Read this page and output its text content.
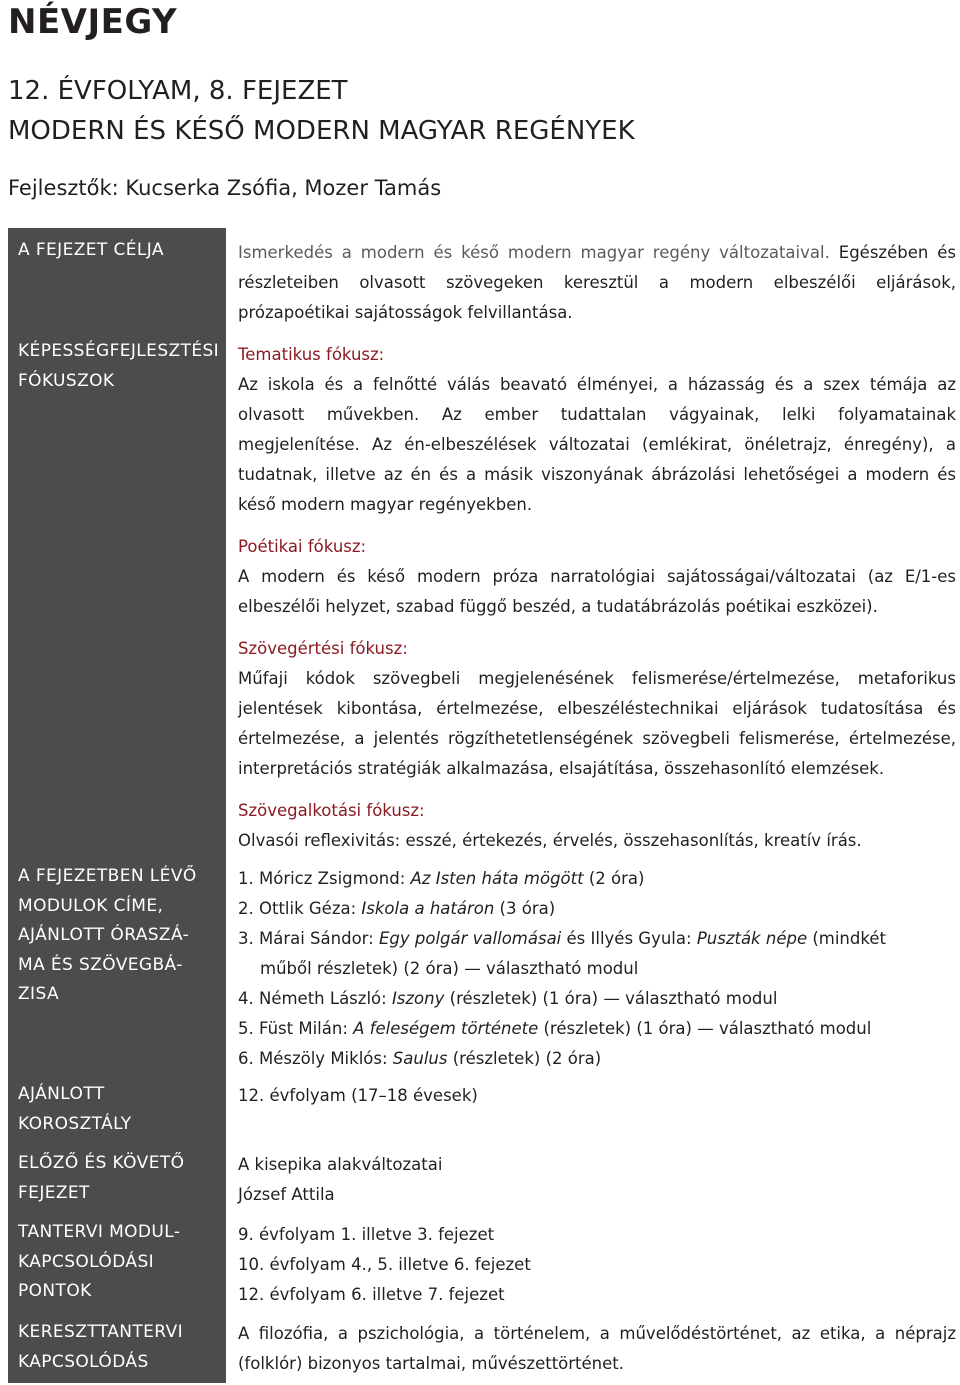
NÉVJEGY
12. ÉVFOLYAM, 8. FEJEZET
MODERN ÉS KÉSŐ MODERN MAGYAR REGÉNYEK

Fejlesztők: Kucserka Zsófia, Mozer Tamás

A FEJEZET CÉLJA
KÉPESSÉGFEJLESZTÉSI
FÓKUSZOK
A FEJEZETBEN LÉVŐ
MODULOK CÍME,
AJÁNLOTT ÓRASZÁ-
MA ÉS SZÖVEGBÁ-
ZISA
AJÁNLOTT
KOROSZTÁLY
ELŐZŐ ÉS KÖVETŐ
FEJEZET
TANTERVI MODUL-
KAPCSOLÓDÁSI
PONTOK
KERESZTTANTERVI
KAPCSOLÓDÁS

Ismerkedés a modern és késő modern magyar regény változataival. Egészében és részleteiben olvasott szövegeken keresztül a modern elbeszélői eljárások, prózapoétikai sajátosságok felvillantása.

Tematikus fókusz:

Az iskola és a felnőtté válás beavató élményei, a házasság és a szex témája az olvasott művekben. Az ember tudattalan vágyainak, lelki folyamatainak megjelenítése. Az én-elbeszélések változatai (emlékirat, önéletrajz, énregény), a tudatnak, illetve az én és a másik viszonyának ábrázolási lehetőségei a modern és késő modern magyar regényekben.

Poétikai fókusz:

A modern és késő modern próza narratológiai sajátosságai/változatai (az E/1-es elbeszélői helyzet, szabad függő beszéd, a tudatábrázolás poétikai eszközei).

Szövegértési fókusz:

Műfaji kódok szövegbeli megjelenésének felismerése/értelmezése, metaforikus jelentések kibontása, értelmezése, elbeszéléstechnikai eljárások tudatosítása és értelmezése, a jelentés rögzíthetetlenségének szövegbeli felismerése, értelmezése, interpretációs stratégiák alkalmazása, elsajátítása, összehasonlító elemzések.

Szövegalkotási fókusz:

Olvasói reflexivitás: esszé, értekezés, érvelés, összehasonlítás, kreatív írás.

1. Móricz Zsigmond: Az Isten háta mögött (2 óra)
2. Ottlik Géza: Iskola a határon (3 óra)
3. Márai Sándor: Egy polgár vallomásai és Illyés Gyula: Puszták népe (mindkét
műből részletek) (2 óra) — választható modul
4. Németh László: Iszony (részletek) (1 óra) — választható modul
5. Füst Milán: A feleségem története (részletek) (1 óra) — választható modul
6. Mészöly Miklós: Saulus (részletek) (2 óra)
12. évfolyam (17–18 évesek)
A kisepika alakváltozatai
József Attila
9. évfolyam 1. illetve 3. fejezet
10. évfolyam 4., 5. illetve 6. fejezet
12. évfolyam 6. illetve 7. fejezet

A filozófia, a pszichológia, a történelem, a művelődéstörténet, az etika, a néprajz (folklór) bizonyos tartalmai, művészettörténet.
